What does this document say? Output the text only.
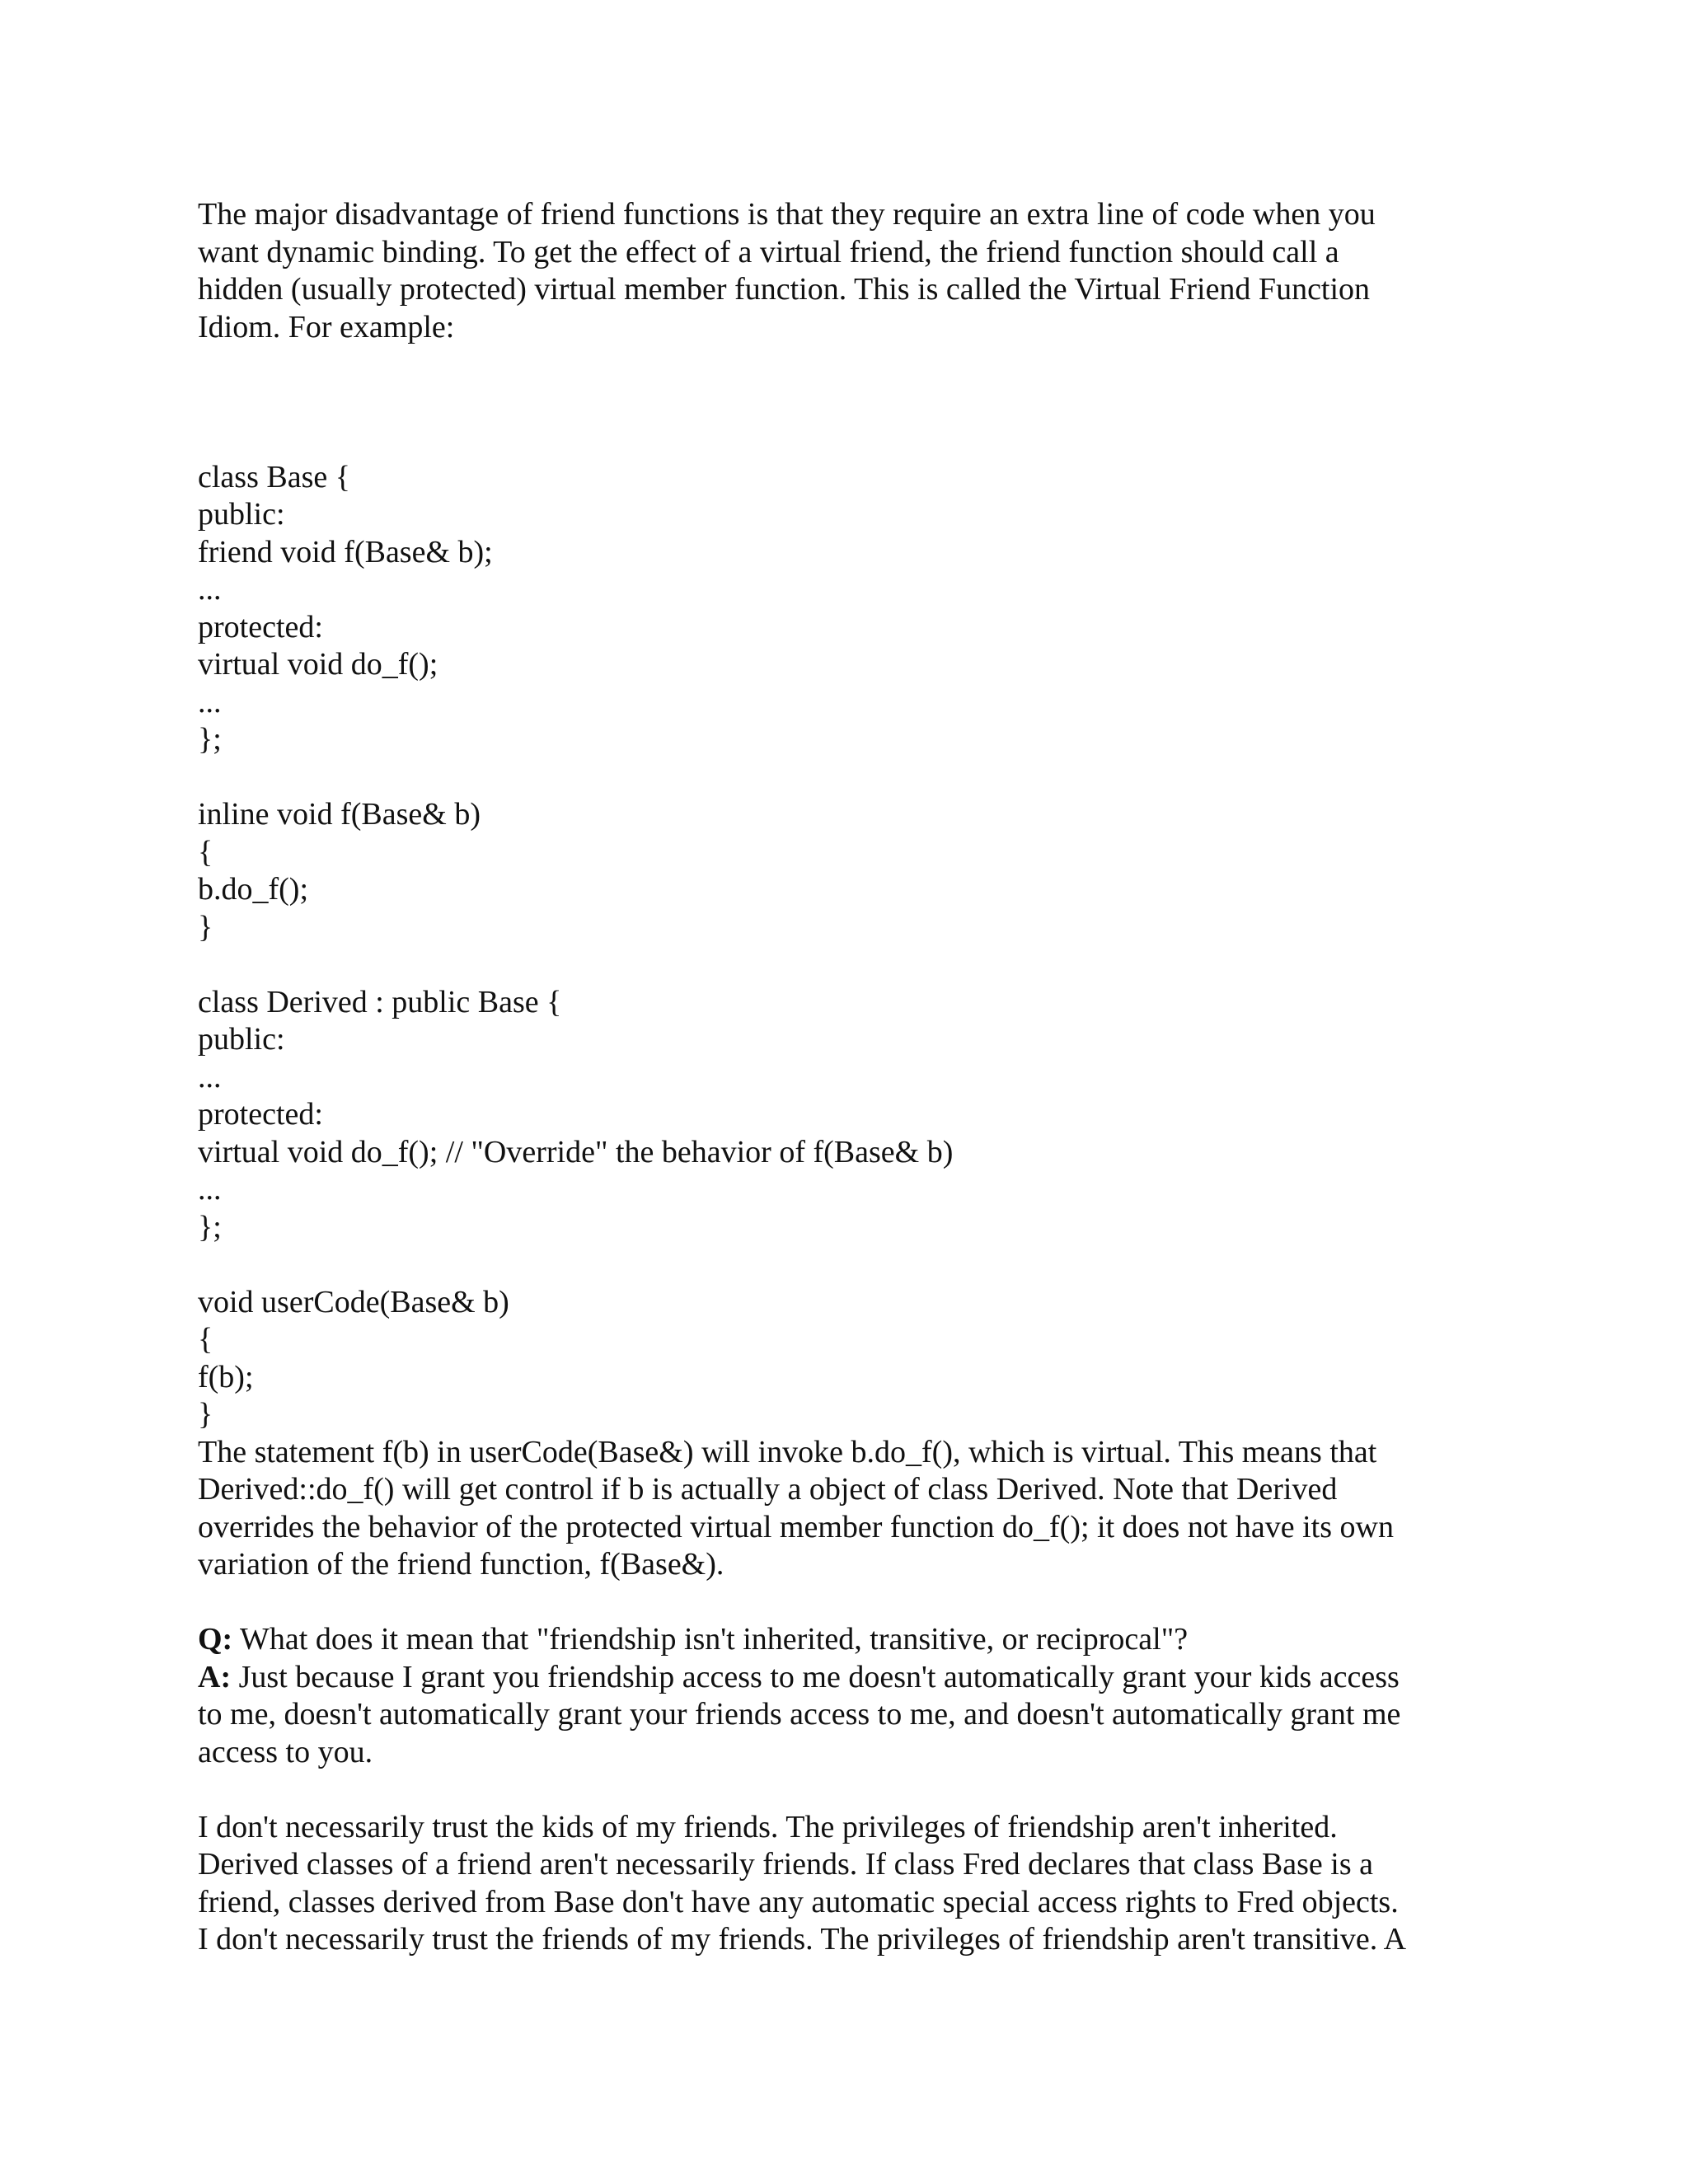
The major disadvantage of friend functions is that they require an extra line of code when you
want dynamic binding. To get the effect of a virtual friend, the friend function should call a
hidden (usually protected) virtual member function. This is called the Virtual Friend Function
Idiom. For example:
class Base {
public:
friend void f(Base& b);
...
protected:
virtual void do_f();
...
};
inline void f(Base& b)
{
b.do_f();
}
class Derived : public Base {
public:
...
protected:
virtual void do_f(); // "Override" the behavior of f(Base& b)
...
};
void userCode(Base& b)
{
f(b);
}
The statement f(b) in userCode(Base&) will invoke b.do_f(), which is virtual. This means that
Derived::do_f() will get control if b is actually a object of class Derived. Note that Derived
overrides the behavior of the protected virtual member function do_f(); it does not have its own
variation of the friend function, f(Base&).
Q: What does it mean that "friendship isn't inherited, transitive, or reciprocal"?
A: Just because I grant you friendship access to me doesn't automatically grant your kids access
to me, doesn't automatically grant your friends access to me, and doesn't automatically grant me
access to you.
I don't necessarily trust the kids of my friends. The privileges of friendship aren't inherited.
Derived classes of a friend aren't necessarily friends. If class Fred declares that class Base is a
friend, classes derived from Base don't have any automatic special access rights to Fred objects.
I don't necessarily trust the friends of my friends. The privileges of friendship aren't transitive. A
